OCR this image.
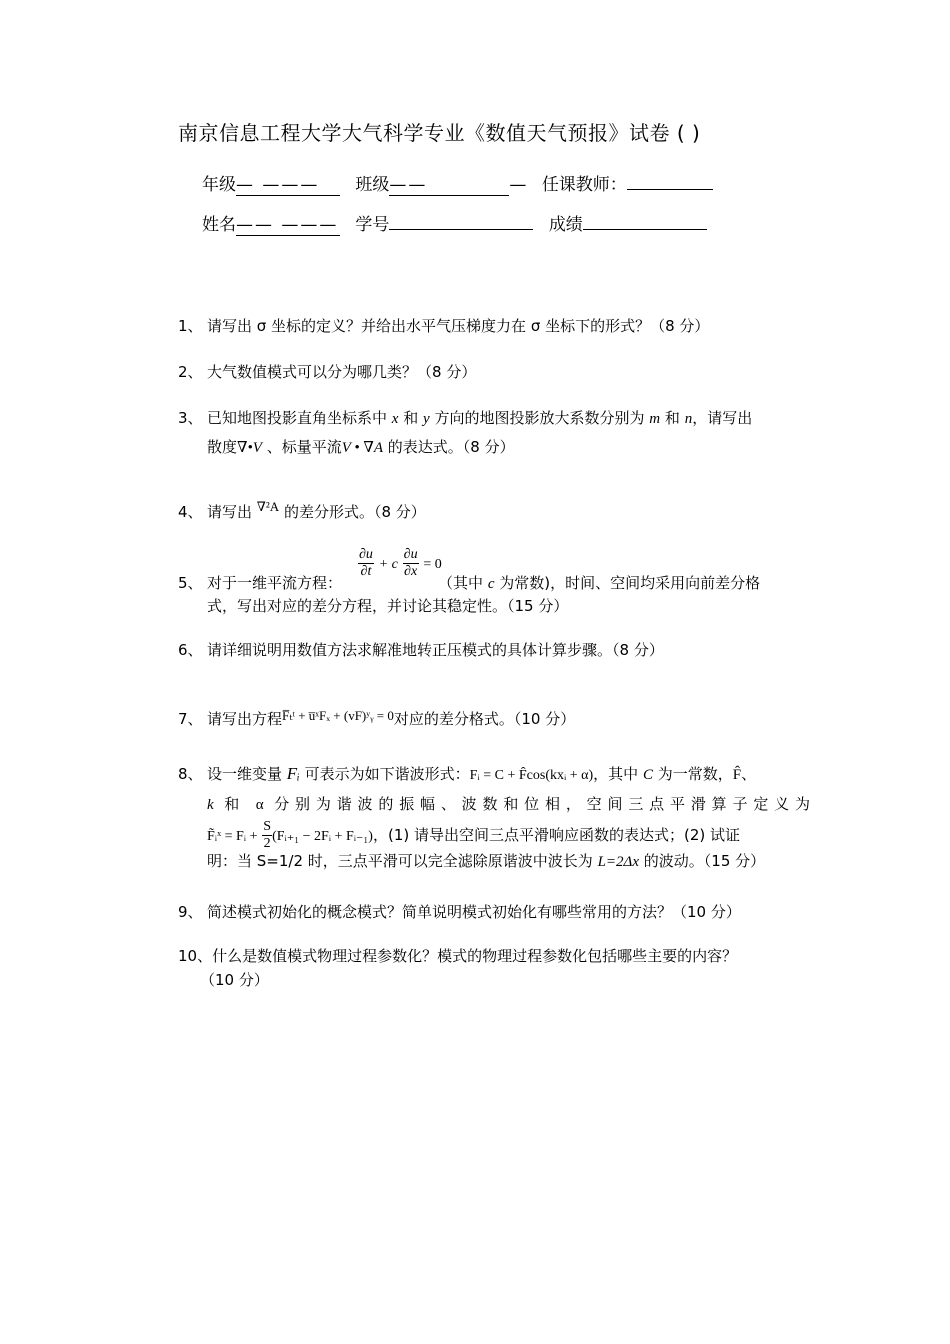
南京信息工程大学大气科学专业《数值天气预报》试卷 ( )
年级— ——— 班级——	— 任课教师：
姓名—— ——— 学号	成绩
1、 请写出 σ 坐标的定义？并给出水平气压梯度力在 σ 坐标下的形式？（8 分）
2、 大气数值模式可以分为哪几类？（8 分）
3、 已知地图投影直角坐标系中 x 和 y 方向的地图投影放大系数分别为 m 和 n，请写出
散度∇•V 、标量平流V • ∇A 的表达式。（8 分）
4、 请写出 ∇²A 的差分形式。（8 分）
$\frac{\partial u}{\partial t} + c \frac{\partial u}{\partial x} = 0$
5、 对于一维平流方程：	（其中 c 为常数)，时间、空间均采用向前差分格
式，写出对应的差分方程，并讨论其稳定性。（15 分）
6、 请详细说明用数值方法求解准地转正压模式的具体计算步骤。（8 分）
7、 请写出方程F̅ₜᵗ + u̅ˣFₓ + (vF)ʸᵧ = 0对应的差分格式。（10 分）
8、 设一维变量 Fᵢ 可表示为如下谐波形式：Fᵢ = C + F̂cos(kxᵢ + α)，其中 C 为一常数，F̂、
k 和 α 分别为谐波的振幅、波数和位相，空间三点平滑算子定义为
F̃ᵢˣ = Fᵢ + $\frac{S}{2}$ (Fᵢ₊₁ − 2Fᵢ + Fᵢ₋₁)，(1) 请导出空间三点平滑响应函数的表达式；(2) 试证
明：当 S=1/2 时，三点平滑可以完全滤除原谐波中波长为 L=2Δx 的波动。（15 分）
9、 简述模式初始化的概念模式？简单说明模式初始化有哪些常用的方法？（10 分）
10、什么是数值模式物理过程参数化？模式的物理过程参数化包括哪些主要的内容？
（10 分）
